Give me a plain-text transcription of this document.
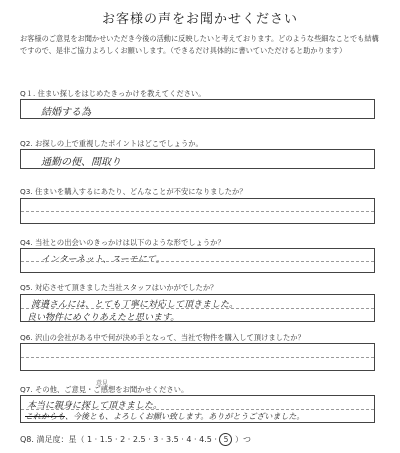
お客様の声をお聞かせください
お客様のご意見をお聞かせいただき今後の活動に反映したいと考えております。どのような些細なことでも結構ですので、是非ご協力よろしくお願いします。（できるだけ具体的に書いていただけると助かります）
Q１. 住まい探しをはじめたきっかけを教えてください。
結婚する為
Q2. お探しの上で重視したポイントはどこでしょうか。
通勤の便、間取り
Q3. 住まいを購入するにあたり、どんなことが不安になりましたか？
Q4. 当社との出会いのきっかけは以下のような形でしょうか？
インターネット、スーモにて。
Q5. 対応させて頂きました当社スタッフはいかがでしたか？
渡邉さんには、とても丁寧に対応して頂きました。
良い物件にめぐりあえたと思います。
Q6. 沢山の会社がある中で何が決め手となって、当社で物件を購入して頂けましたか？
Q7. その他、ご意見・ご感想をお聞かせください。
意見
本当に親身に探して頂きました。
これからも、今後とも、よろしくお願い致します。ありがとうございました。
Q8. 満足度：星（ 1 · 1.5 · 2 · 2.5 · 3 · 3.5 · 4 · 4.5 · 5 ）つ
